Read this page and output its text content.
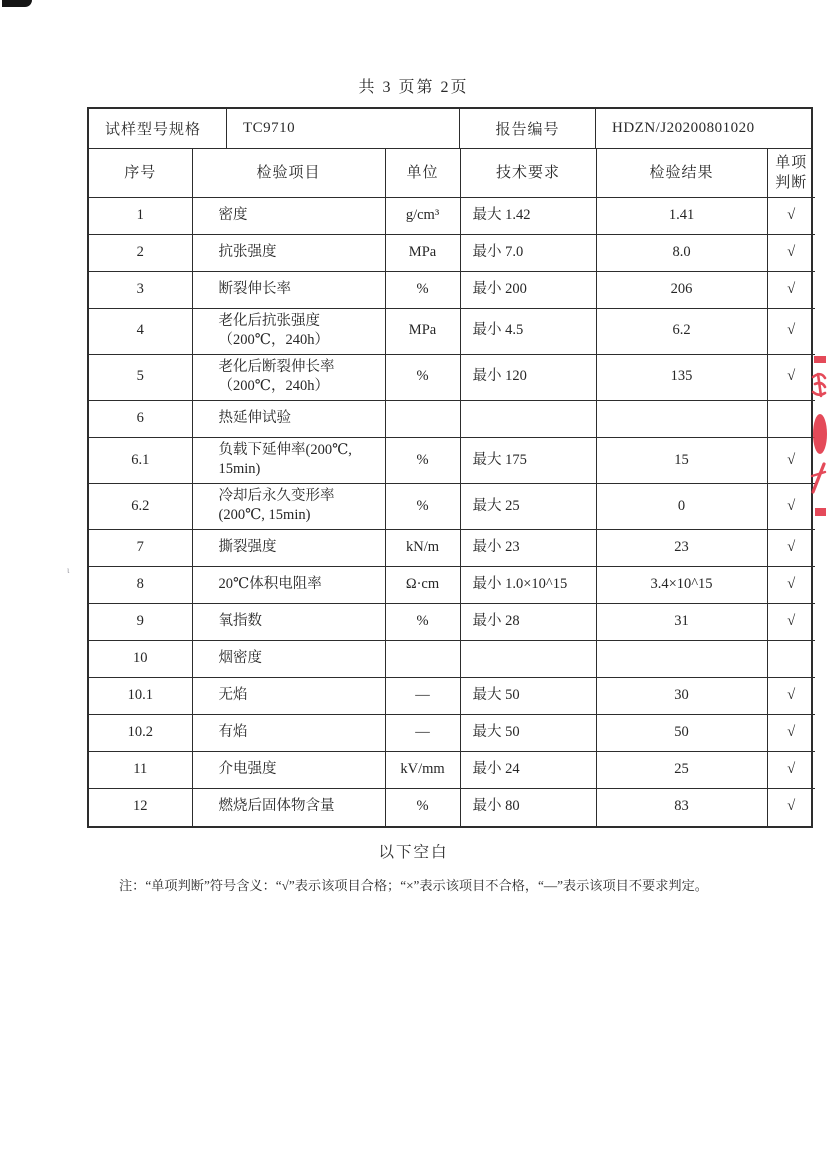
ι
共 3 页第 2页
试样型号规格	TC9710	报告编号	HDZN/J20200801020
序号	检验项目	单位	技术要求	检验结果	单项判断
1	密度	g/cm³	最大 1.42	1.41	√
2	抗张强度	MPa	最小 7.0	8.0	√
3	断裂伸长率	%	最小 200	206	√
4	老化后抗张强度（200℃，240h）	MPa	最小 4.5	6.2	√
5	老化后断裂伸长率 （200℃，240h）	%	最小 120	135	√
6	热延伸试验				
6.1	负载下延伸率(200℃, 15min)	%	最大 175	15	√
6.2	冷却后永久变形率 (200℃, 15min)	%	最大 25	0	√
7	撕裂强度	kN/m	最小 23	23	√
8	20℃体积电阻率	Ω·cm	最小 1.0×10^15	3.4×10^15	√
9	氧指数	%	最小 28	31	√
10	烟密度				
10.1	无焰	—	最大 50	30	√
10.2	有焰	—	最大 50	50	√
11	介电强度	kV/mm	最小 24	25	√
12	燃烧后固体物含量	%	最小 80	83	√
以下空白
注：“单项判断”符号含义：“√”表示该项目合格；“×”表示该项目不合格，“—”表示该项目不要求判定。
